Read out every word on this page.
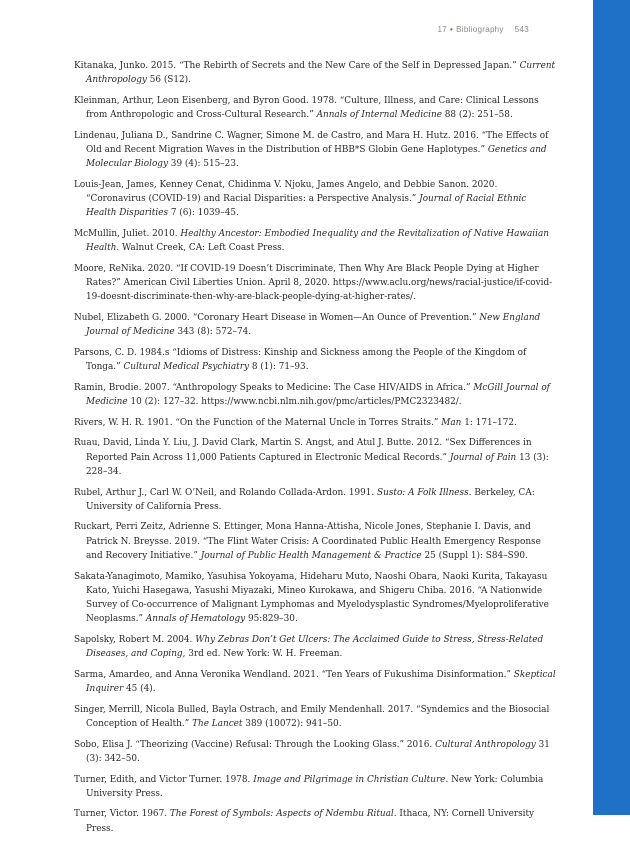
17 • Bibliography 543

Kitanaka, Junko. 2015. “The Rebirth of Secrets and the New Care of the Self in Depressed Japan.” Current Anthropology 56 (S12).

Kleinman, Arthur, Leon Eisenberg, and Byron Good. 1978. “Culture, Illness, and Care: Clinical Lessons from Anthropologic and Cross-Cultural Research.” Annals of Internal Medicine 88 (2): 251–58.

Lindenau, Juliana D., Sandrine C. Wagner, Simone M. de Castro, and Mara H. Hutz. 2016. “The Effects of Old and Recent Migration Waves in the Distribution of HBB*S Globin Gene Haplotypes.” Genetics and Molecular Biology 39 (4): 515–23.

Louis-Jean, James, Kenney Cenat, Chidinma V. Njoku, James Angelo, and Debbie Sanon. 2020. “Coronavirus (COVID-19) and Racial Disparities: a Perspective Analysis.” Journal of Racial Ethnic Health Disparities 7 (6): 1039–45.

McMullin, Juliet. 2010. Healthy Ancestor: Embodied Inequality and the Revitalization of Native Hawaiian Health. Walnut Creek, CA: Left Coast Press.

Moore, ReNika. 2020. “If COVID-19 Doesn’t Discriminate, Then Why Are Black People Dying at Higher Rates?” American Civil Liberties Union. April 8, 2020. https://www.aclu.org/news/racial-justice/if-covid-19-doesnt-discriminate-then-why-are-black-people-dying-at-higher-rates/.

Nubel, Elizabeth G. 2000. “Coronary Heart Disease in Women—An Ounce of Prevention.” New England Journal of Medicine 343 (8): 572–74.

Parsons, C. D. 1984.s “Idioms of Distress: Kinship and Sickness among the People of the Kingdom of Tonga.” Cultural Medical Psychiatry 8 (1): 71–93.

Ramin, Brodie. 2007. “Anthropology Speaks to Medicine: The Case HIV/AIDS in Africa.” McGill Journal of Medicine 10 (2): 127–32. https://www.ncbi.nlm.nih.gov/pmc/articles/PMC2323482/.

Rivers, W. H. R. 1901. “On the Function of the Maternal Uncle in Torres Straits.” Man 1: 171–172.

Ruau, David, Linda Y. Liu, J. David Clark, Martin S. Angst, and Atul J. Butte. 2012. “Sex Differences in Reported Pain Across 11,000 Patients Captured in Electronic Medical Records.” Journal of Pain 13 (3): 228–34.

Rubel, Arthur J., Carl W. O’Neil, and Rolando Collada-Ardon. 1991. Susto: A Folk Illness. Berkeley, CA: University of California Press.

Ruckart, Perri Zeitz, Adrienne S. Ettinger, Mona Hanna-Attisha, Nicole Jones, Stephanie I. Davis, and Patrick N. Breysse. 2019. “The Flint Water Crisis: A Coordinated Public Health Emergency Response and Recovery Initiative.” Journal of Public Health Management & Practice 25 (Suppl 1): S84–S90.

Sakata-Yanagimoto, Mamiko, Yasuhisa Yokoyama, Hideharu Muto, Naoshi Obara, Naoki Kurita, Takayasu Kato, Yuichi Hasegawa, Yasushi Miyazaki, Mineo Kurokawa, and Shigeru Chiba. 2016. “A Nationwide Survey of Co-occurrence of Malignant Lymphomas and Myelodysplastic Syndromes/Myeloproliferative Neoplasms.” Annals of Hematology 95:829–30.

Sapolsky, Robert M. 2004. Why Zebras Don’t Get Ulcers: The Acclaimed Guide to Stress, Stress-Related Diseases, and Coping, 3rd ed. New York: W. H. Freeman.

Sarma, Amardeo, and Anna Veronika Wendland. 2021. “Ten Years of Fukushima Disinformation.” Skeptical Inquirer 45 (4).

Singer, Merrill, Nicola Bulled, Bayla Ostrach, and Emily Mendenhall. 2017. “Syndemics and the Biosocial Conception of Health.” The Lancet 389 (10072): 941–50.

Sobo, Elisa J. “Theorizing (Vaccine) Refusal: Through the Looking Glass.” 2016. Cultural Anthropology 31 (3): 342–50.

Turner, Edith, and Victor Turner. 1978. Image and Pilgrimage in Christian Culture. New York: Columbia University Press.

Turner, Victor. 1967. The Forest of Symbols: Aspects of Ndembu Ritual. Ithaca, NY: Cornell University Press.
